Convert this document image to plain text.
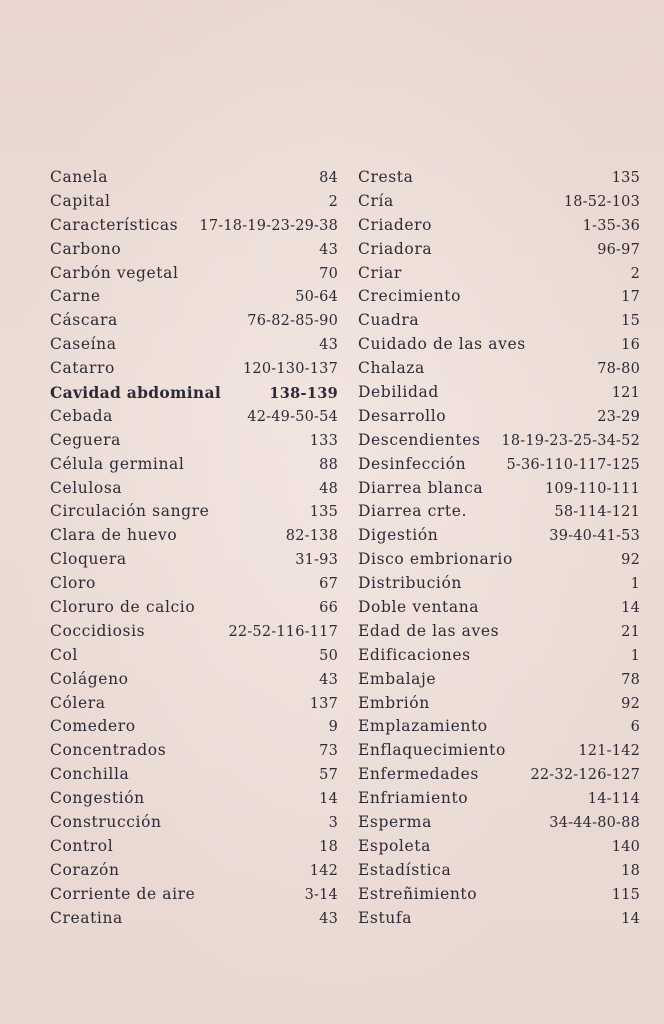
Canela	84
Capital	2
Características 17-18-19-23-29-38
Carbono	43
Carbón vegetal	70
Carne	50-64
Cáscara	76-82-85-90
Caseína	43
Catarro	120-130-137
Cavidad abdominal	138-139
Cebada	42-49-50-54
Ceguera	133
Célula germinal	88
Celulosa	48
Circulación sangre	135
Clara de huevo	82-138
Cloquera	31-93
Cloro	67
Cloruro de calcio	66
Coccidiosis	22-52-116-117
Col	50
Colágeno	43
Cólera	137
Comedero	9
Concentrados	73
Conchilla	57
Congestión	14
Construcción	3
Control	18
Corazón	142
Corriente de aire	3-14
Creatina	43
Cresta	135
Cría	18-52-103
Criadero	1-35-36
Criadora	96-97
Criar	2
Crecimiento	17
Cuadra	15
Cuidado de las aves	16
Chalaza	78-80
Debilidad	121
Desarrollo	23-29
Descendientes 18-19-23-25-34-52
Desinfección	5-36-110-117-125
Diarrea blanca	109-110-111
Diarrea crte.	58-114-121
Digestión	39-40-41-53
Disco embrionario	92
Distribución	1
Doble ventana	14
Edad de las aves	21
Edificaciones	1
Embalaje	78
Embrión	92
Emplazamiento	6
Enflaquecimiento	121-142
Enfermedades	22-32-126-127
Enfriamiento	14-114
Esperma	34-44-80-88
Espoleta	140
Estadística	18
Estreñimiento	115
Estufa	14
